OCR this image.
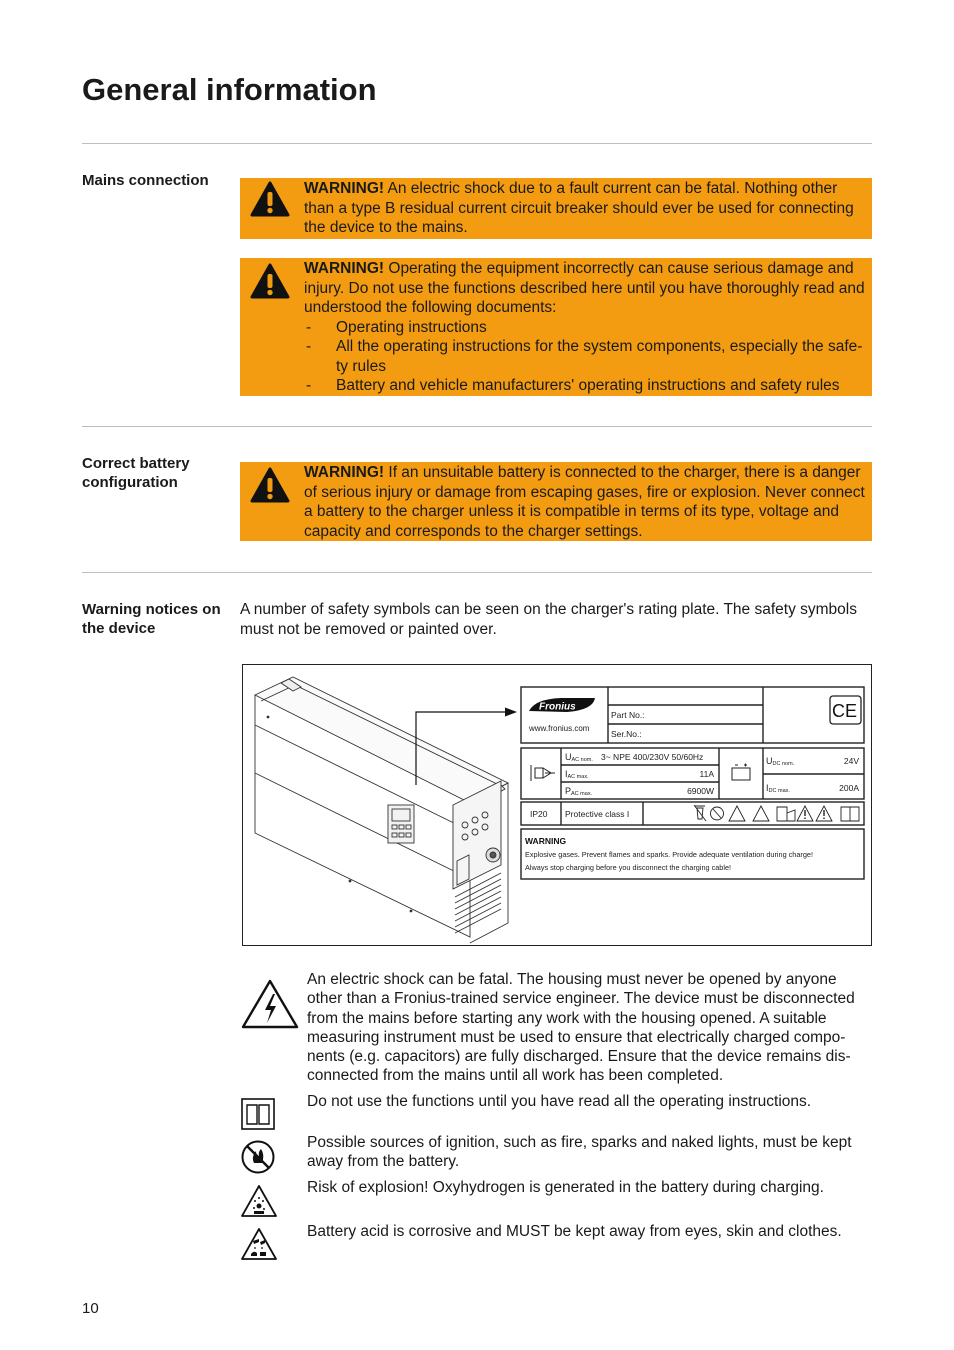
General information
Mains connection	WARNING! An electric shock due to a fault current can be fatal. Nothing other than a type B residual current circuit breaker should ever be used for connecting the device to the mains.
WARNING! Operating the equipment incorrectly can cause serious damage and injury. Do not use the functions described here until you have thoroughly read and understood the following documents:
- Operating instructions
- All the operating instructions for the system components, especially the safe-ty rules
- Battery and vehicle manufacturers' operating instructions and safety rules
Correct battery configuration
WARNING! If an unsuitable battery is connected to the charger, there is a danger of serious injury or damage from escaping gases, fire or explosion. Never connect a battery to the charger unless it is compatible in terms of its type, voltage and capacity and corresponds to the charger settings.
Warning notices on the device
A number of safety symbols can be seen on the charger's rating plate. The safety symbols must not be removed or painted over.
Fronius
www.fronius.com
Part No.:
Ser.No.:
CE
UAC nom. 3~ NPE 400/230V 50/60Hz
IAC max.	11A
PAC max.	6900W
UDC nom.	24V
IDC max.	200A
IP20 Protective class I
WARNING
Explosive gases. Prevent flames and sparks. Provide adequate ventilation during charge!
Always stop charging before you disconnect the charging cable!
An electric shock can be fatal. The housing must never be opened by anyone other than a Fronius-trained service engineer. The device must be disconnected from the mains before starting any work with the housing opened. A suitable measuring instrument must be used to ensure that electrically charged compo-nents (e.g. capacitors) are fully discharged. Ensure that the device remains dis-connected from the mains until all work has been completed.
Do not use the functions until you have read all the operating instructions.
Possible sources of ignition, such as fire, sparks and naked lights, must be kept away from the battery.
Risk of explosion! Oxyhydrogen is generated in the battery during charging.
Battery acid is corrosive and MUST be kept away from eyes, skin and clothes.
10
